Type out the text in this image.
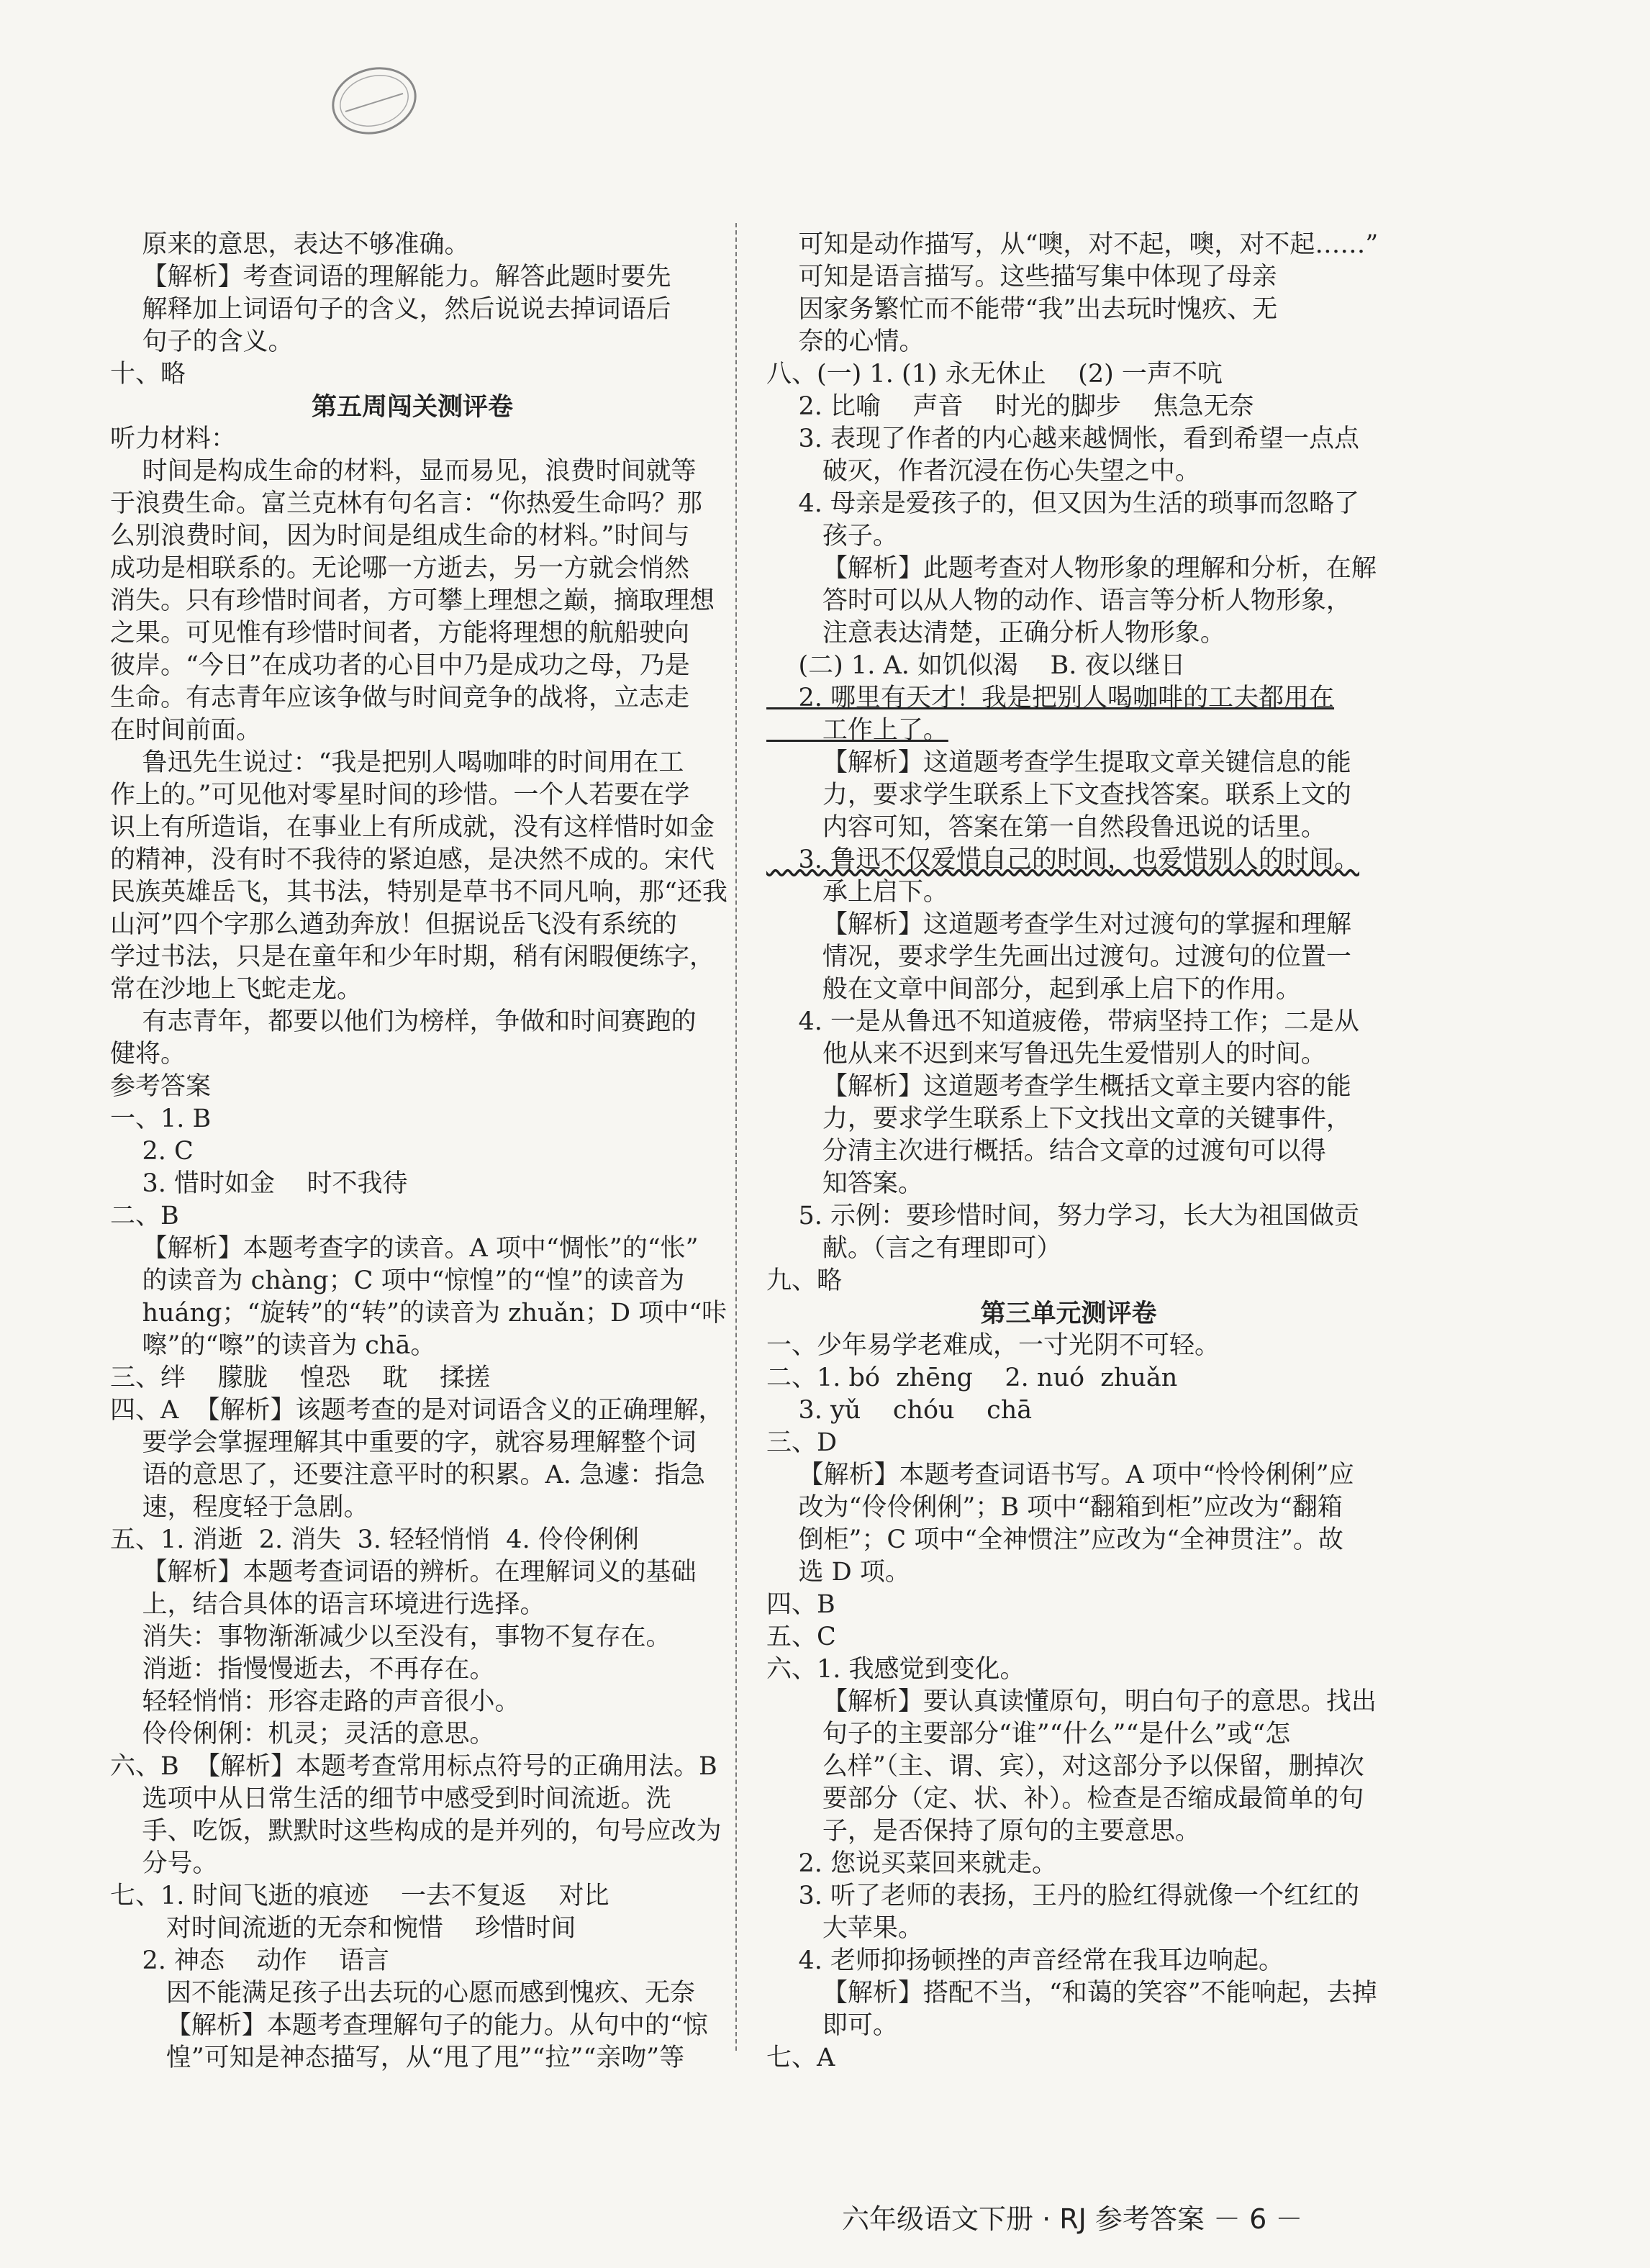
原来的意思，表达不够准确。
【解析】考查词语的理解能力。解答此题时要先
解释加上词语句子的含义，然后说说去掉词语后
句子的含义。
十、略
第五周闯关测评卷
听力材料：
时间是构成生命的材料，显而易见，浪费时间就等
于浪费生命。富兰克林有句名言：“你热爱生命吗？那
么别浪费时间，因为时间是组成生命的材料。”时间与
成功是相联系的。无论哪一方逝去，另一方就会悄然
消失。只有珍惜时间者，方可攀上理想之巅，摘取理想
之果。可见惟有珍惜时间者，方能将理想的航船驶向
彼岸。“今日”在成功者的心目中乃是成功之母，乃是
生命。有志青年应该争做与时间竞争的战将，立志走
在时间前面。
鲁迅先生说过：“我是把别人喝咖啡的时间用在工
作上的。”可见他对零星时间的珍惜。一个人若要在学
识上有所造诣，在事业上有所成就，没有这样惜时如金
的精神，没有时不我待的紧迫感，是决然不成的。宋代
民族英雄岳飞，其书法，特别是草书不同凡响，那“还我
山河”四个字那么遒劲奔放！但据说岳飞没有系统的
学过书法，只是在童年和少年时期，稍有闲暇便练字，
常在沙地上飞蛇走龙。
有志青年，都要以他们为榜样，争做和时间赛跑的
健将。
参考答案
一、1. B
2. C
3. 惜时如金    时不我待
二、B
【解析】本题考查字的读音。A 项中“惆怅”的“怅”
的读音为 chàng；C 项中“惊惶”的“惶”的读音为
huáng；“旋转”的“转”的读音为 zhuǎn；D 项中“咔
嚓”的“嚓”的读音为 chā。
三、绊    朦胧    惶恐    耽    揉搓
四、A  【解析】该题考查的是对词语含义的正确理解，
要学会掌握理解其中重要的字，就容易理解整个词
语的意思了，还要注意平时的积累。A. 急遽：指急
速，程度轻于急剧。
五、1. 消逝  2. 消失  3. 轻轻悄悄  4. 伶伶俐俐
【解析】本题考查词语的辨析。在理解词义的基础
上，结合具体的语言环境进行选择。
消失：事物渐渐减少以至没有，事物不复存在。
消逝：指慢慢逝去，不再存在。
轻轻悄悄：形容走路的声音很小。
伶伶俐俐：机灵；灵活的意思。
六、B  【解析】本题考查常用标点符号的正确用法。B
选项中从日常生活的细节中感受到时间流逝。洗
手、吃饭，默默时这些构成的是并列的，句号应改为
分号。
七、1. 时间飞逝的痕迹    一去不复返    对比
对时间流逝的无奈和惋惜    珍惜时间
2. 神态    动作    语言
因不能满足孩子出去玩的心愿而感到愧疚、无奈
【解析】本题考查理解句子的能力。从句中的“惊
惶”可知是神态描写，从“甩了甩”“拉”“亲吻”等
可知是动作描写，从“噢，对不起，噢，对不起……”
可知是语言描写。这些描写集中体现了母亲
因家务繁忙而不能带“我”出去玩时愧疚、无
奈的心情。
八、(一) 1. (1) 永无休止    (2) 一声不吭
2. 比喻    声音    时光的脚步    焦急无奈
3. 表现了作者的内心越来越惆怅，看到希望一点点
破灭，作者沉浸在伤心失望之中。
4. 母亲是爱孩子的，但又因为生活的琐事而忽略了
孩子。
【解析】此题考查对人物形象的理解和分析，在解
答时可以从人物的动作、语言等分析人物形象，
注意表达清楚，正确分析人物形象。
(二) 1. A. 如饥似渴    B. 夜以继日
2. 哪里有天才！我是把别人喝咖啡的工夫都用在
工作上了。
【解析】这道题考查学生提取文章关键信息的能
力，要求学生联系上下文查找答案。联系上文的
内容可知，答案在第一自然段鲁迅说的话里。
3. 鲁迅不仅爱惜自己的时间，也爱惜别人的时间。
承上启下。
【解析】这道题考查学生对过渡句的掌握和理解
情况，要求学生先画出过渡句。过渡句的位置一
般在文章中间部分，起到承上启下的作用。
4. 一是从鲁迅不知道疲倦，带病坚持工作；二是从
他从来不迟到来写鲁迅先生爱惜别人的时间。
【解析】这道题考查学生概括文章主要内容的能
力，要求学生联系上下文找出文章的关键事件，
分清主次进行概括。结合文章的过渡句可以得
知答案。
5. 示例：要珍惜时间，努力学习，长大为祖国做贡
献。（言之有理即可）
九、略
第三单元测评卷
一、少年易学老难成，一寸光阴不可轻。
二、1. bó  zhēng    2. nuó  zhuǎn
3. yǔ    chóu    chā
三、D
【解析】本题考查词语书写。A 项中“怜怜俐俐”应
改为“伶伶俐俐”；B 项中“翻箱到柜”应改为“翻箱
倒柜”；C 项中“全神惯注”应改为“全神贯注”。故
选 D 项。
四、B
五、C
六、1. 我感觉到变化。
【解析】要认真读懂原句，明白句子的意思。找出
句子的主要部分“谁”“什么”“是什么”或“怎
么样”（主、谓、宾），对这部分予以保留，删掉次
要部分（定、状、补）。检查是否缩成最简单的句
子，是否保持了原句的主要意思。
2. 您说买菜回来就走。
3. 听了老师的表扬，王丹的脸红得就像一个红红的
大苹果。
4. 老师抑扬顿挫的声音经常在我耳边响起。
【解析】搭配不当，“和蔼的笑容”不能响起，去掉
即可。
七、A
六年级语文下册 · RJ 参考答案 － 6 －
